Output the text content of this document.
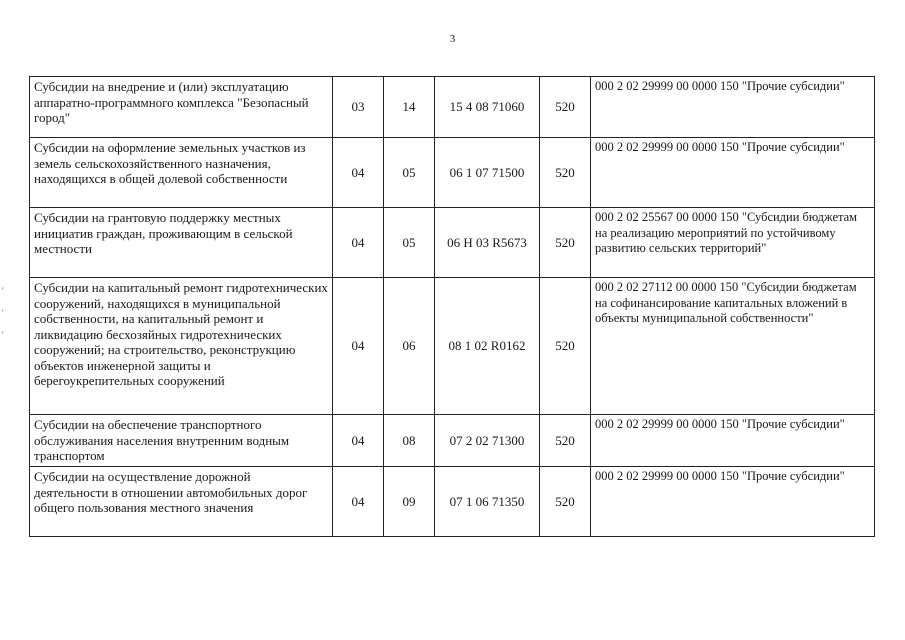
3
'
'
'
Субсидии на внедрение и (или) эксплуатацию аппаратно-программного комплекса "Безопасный город"	03	14	15 4 08 71060	520	000 2 02 29999 00 0000 150 "Прочие субсидии"
Субсидии на оформление земельных участков из земель сельскохозяйственного назначения, находящихся в общей долевой собственности	04	05	06 1 07 71500	520	000 2 02 29999 00 0000 150 "Прочие субсидии"
Субсидии на грантовую поддержку местных инициатив граждан, проживающим в сельской местности	04	05	06 Н 03 R5673	520	000 2 02 25567 00 0000 150 "Субсидии бюджетам на реализацию мероприятий по устойчивому развитию сельских территорий"
Субсидии на капитальный ремонт гидротехнических сооружений, находящихся в муниципальной собственности, на капитальный ремонт и ликвидацию бесхозяйных гидротехнических сооружений; на строительство, реконструкцию объектов инженерной защиты и берегоукрепительных сооружений	04	06	08 1 02 R0162	520	000 2 02 27112 00 0000 150 "Субсидии бюджетам на софинансирование капитальных вложений в объекты муниципальной собственности"
Субсидии на обеспечение транспортного обслуживания населения внутренним водным транспортом	04	08	07 2 02 71300	520	000 2 02 29999 00 0000 150 "Прочие субсидии"
Субсидии на осуществление дорожной деятельности в отношении автомобильных дорог общего пользования местного значения	04	09	07 1 06 71350	520	000 2 02 29999 00 0000 150 "Прочие субсидии"
